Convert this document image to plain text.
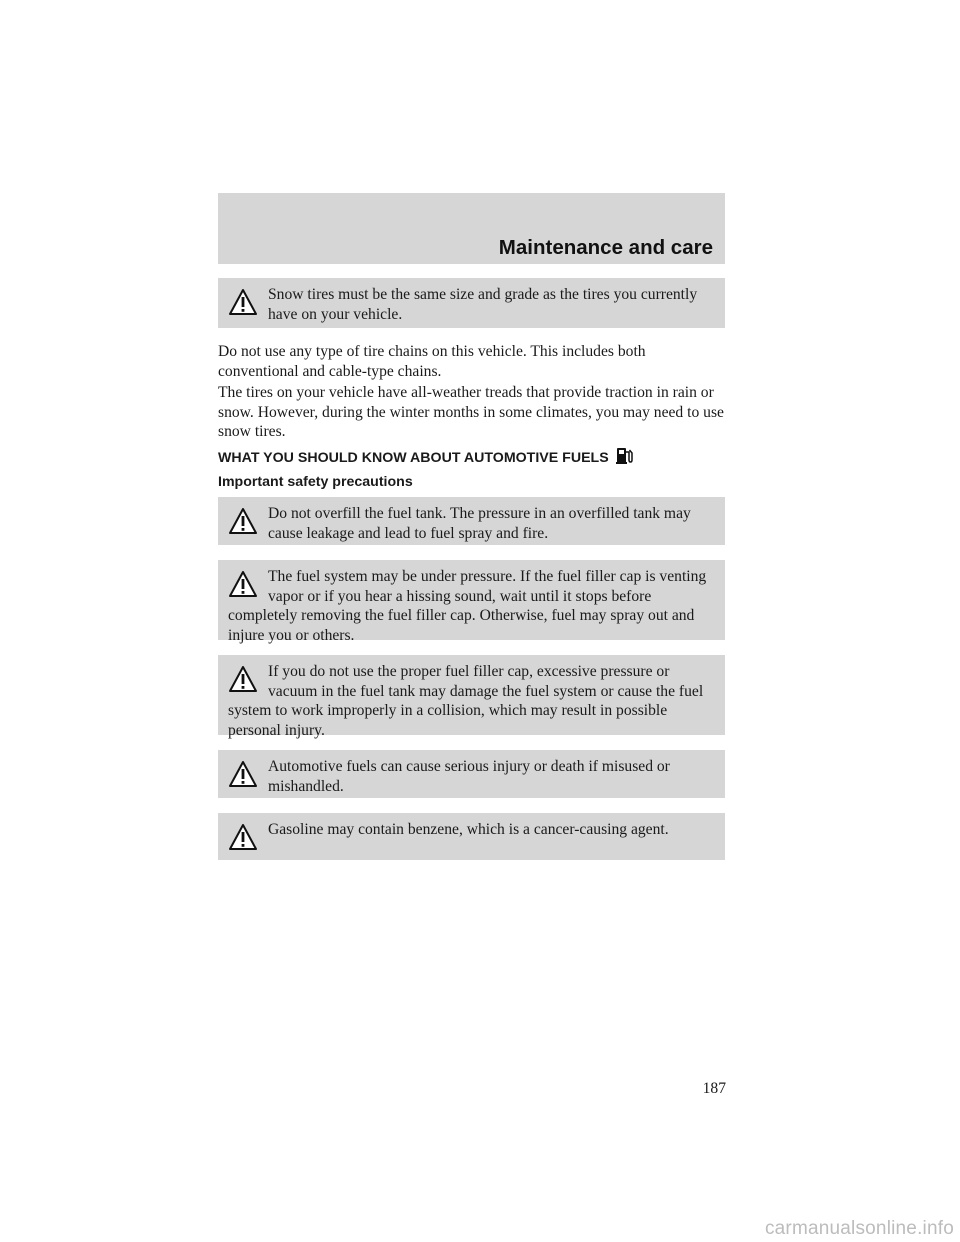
Maintenance and care
Snow tires must be the same size and grade as the tires you currently have on your vehicle.

Do not use any type of tire chains on this vehicle. This includes both conventional and cable-type chains.

The tires on your vehicle have all-weather treads that provide traction in rain or snow. However, during the winter months in some climates, you may need to use snow tires.

WHAT YOU SHOULD KNOW ABOUT AUTOMOTIVE FUELS
Important safety precautions
Do not overfill the fuel tank. The pressure in an overfilled tank may cause leakage and lead to fuel spray and fire.
The fuel system may be under pressure. If the fuel filler cap is venting vapor or if you hear a hissing sound, wait until it stops before completely removing the fuel filler cap. Otherwise, fuel may spray out and injure you or others.
If you do not use the proper fuel filler cap, excessive pressure or vacuum in the fuel tank may damage the fuel system or cause the fuel system to work improperly in a collision, which may result in possible personal injury.
Automotive fuels can cause serious injury or death if misused or mishandled.
Gasoline may contain benzene, which is a cancer-causing agent.
187
carmanualsonline.info
